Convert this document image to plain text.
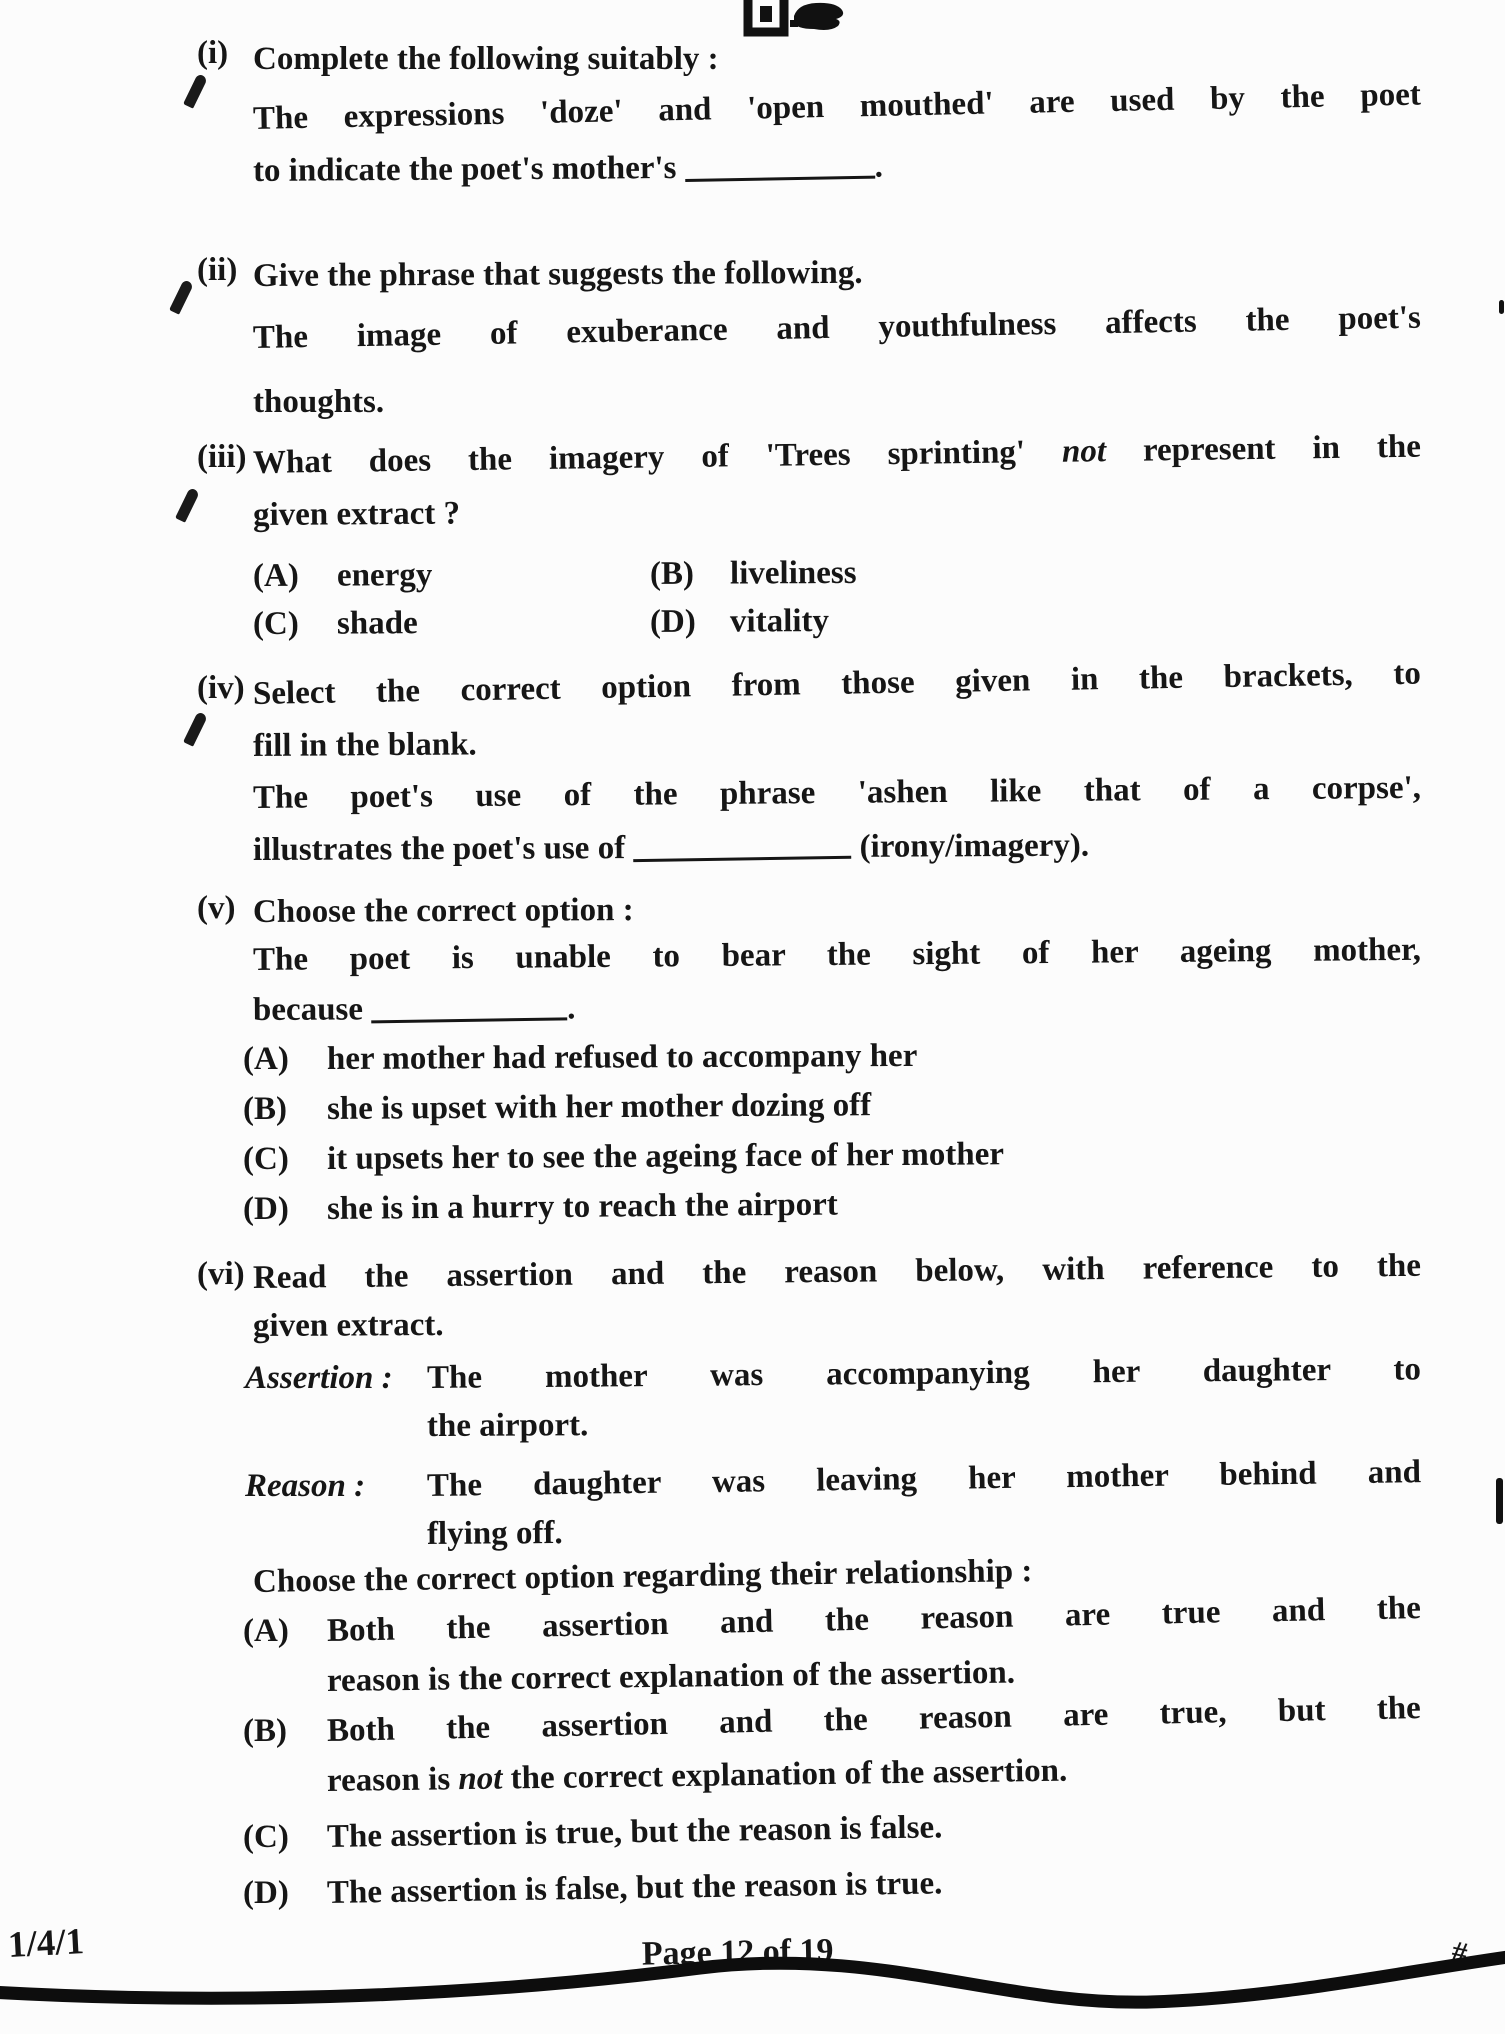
(i) Complete the following suitably :
The expressions 'doze' and 'open mouthed' are used by the poet
to indicate the poet's mother's	.
(ii) Give the phrase that suggests the following.
The image of exuberance and youthfulness affects the poet's
thoughts.
(iii) What does the imagery of 'Trees sprinting' not represent in the
given extract ?
(A)	energy	(B)	liveliness
(C)	shade	(D)	vitality
(iv) Select the correct option from those given in the brackets, to
fill in the blank.
The poet's use of the phrase 'ashen like that of a corpse',
illustrates the poet's use of	(irony/imagery).
(v) Choose the correct option :
The poet is unable to bear the sight of her ageing mother,
because	.
(A)	her mother had refused to accompany her
(B)	she is upset with her mother dozing off
(C)	it upsets her to see the ageing face of her mother
(D)	she is in a hurry to reach the airport
(vi) Read the assertion and the reason below, with reference to the
given extract.
Assertion :	The mother was accompanying her daughter to
the airport.
Reason :	The daughter was leaving her mother behind and
flying off.
Choose the correct option regarding their relationship :
(A)	Both the assertion and the reason are true and the
reason is the correct explanation of the assertion.
(B)	Both the assertion and the reason are true, but the
reason is not the correct explanation of the assertion.
(C)	The assertion is true, but the reason is false.
(D)	The assertion is false, but the reason is true.
1/4/1	Page 12 of 19	#
